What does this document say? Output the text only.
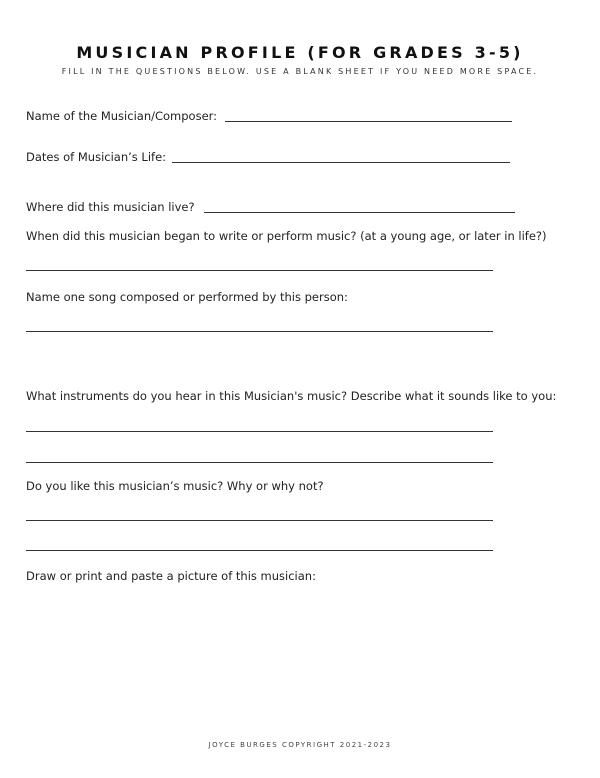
MUSICIAN PROFILE (FOR GRADES 3-5)

FILL IN THE QUESTIONS BELOW. USE A BLANK SHEET IF YOU NEED MORE SPACE.

Name of the Musician/Composer:
Dates of Musician’s Life:
Where did this musician live?
When did this musician began to write or perform music? (at a young age, or later in life?)
Name one song composed or performed by this person:
What instruments do you hear in this Musician's music? Describe what it sounds like to you:
Do you like this musician’s music? Why or why not?
Draw or print and paste a picture of this musician:
JOYCE BURGES COPYRIGHT 2021-2023
